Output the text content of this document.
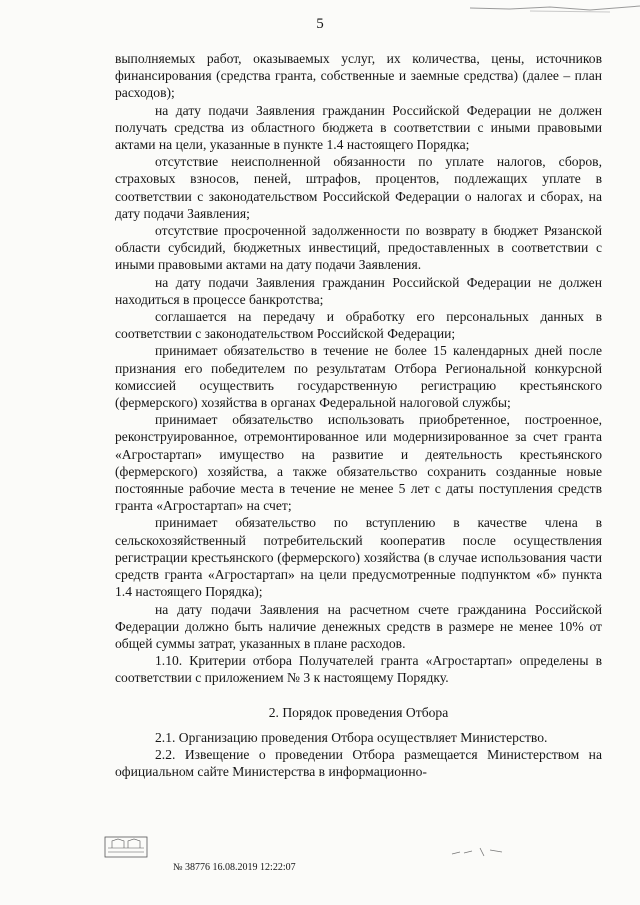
5

выполняемых работ, оказываемых услуг, их количества, цены, источников финансирования (средства гранта, собственные и заемные средства) (далее – план расходов);

на дату подачи Заявления гражданин Российской Федерации не должен получать средства из областного бюджета в соответствии с иными правовыми актами на цели, указанные в пункте 1.4 настоящего Порядка;

отсутствие неисполненной обязанности по уплате налогов, сборов, страховых взносов, пеней, штрафов, процентов, подлежащих уплате в соответствии с законодательством Российской Федерации о налогах и сборах, на дату подачи Заявления;

отсутствие просроченной задолженности по возврату в бюджет Рязанской области субсидий, бюджетных инвестиций, предоставленных в соответствии с иными правовыми актами на дату подачи Заявления.

на дату подачи Заявления гражданин Российской Федерации не должен находиться в процессе банкротства;

соглашается на передачу и обработку его персональных данных в соответствии с законодательством Российской Федерации;

принимает обязательство в течение не более 15 календарных дней после признания его победителем по результатам Отбора Региональной конкурсной комиссией осуществить государственную регистрацию крестьянского (фермерского) хозяйства в органах Федеральной налоговой службы;

принимает обязательство использовать приобретенное, построенное, реконструированное, отремонтированное или модернизированное за счет гранта «Агростартап» имущество на развитие и деятельность крестьянского (фермерского) хозяйства, а также обязательство сохранить созданные новые постоянные рабочие места в течение не менее 5 лет с даты поступления средств гранта «Агростартап» на счет;

принимает обязательство по вступлению в качестве члена в сельскохозяйственный потребительский кооператив после осуществления регистрации крестьянского (фермерского) хозяйства (в случае использования части средств гранта «Агростартап» на цели предусмотренные подпунктом «б» пункта 1.4 настоящего Порядка);

на дату подачи Заявления на расчетном счете гражданина Российской Федерации должно быть наличие денежных средств в размере не менее 10% от общей суммы затрат, указанных в плане расходов.

1.10. Критерии отбора Получателей гранта «Агростартап» определены в соответствии с приложением № 3 к настоящему Порядку.

2. Порядок проведения Отбора

2.1. Организацию проведения Отбора осуществляет Министерство.

2.2. Извещение о проведении Отбора размещается Министерством на официальном сайте Министерства в информационно-

№ 38776 16.08.2019 12:22:07
